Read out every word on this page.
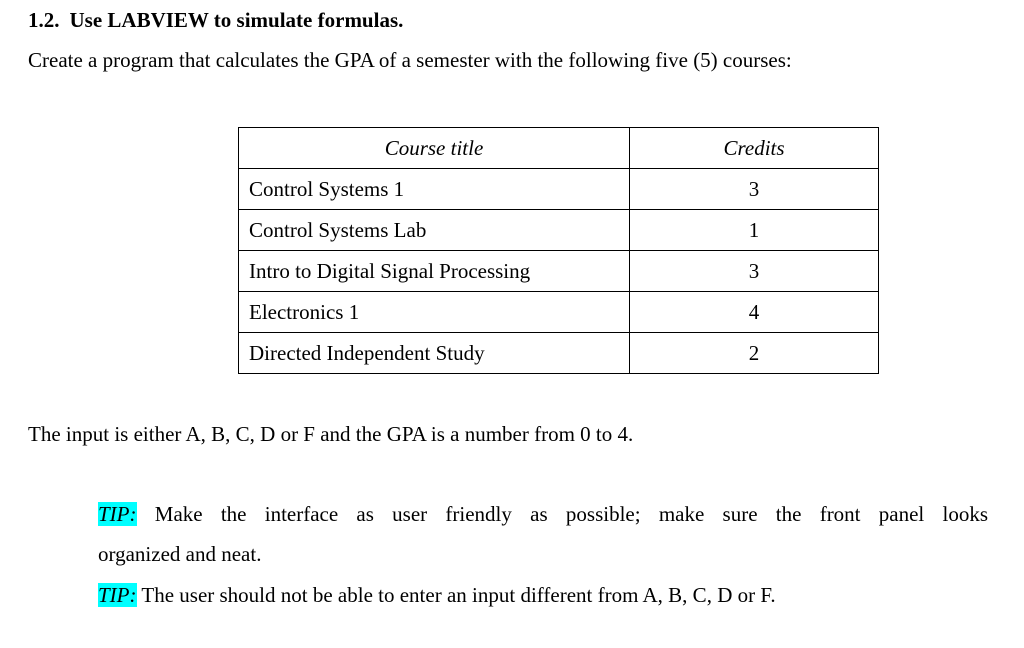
1.2. Use LABVIEW to simulate formulas.
Create a program that calculates the GPA of a semester with the following five (5) courses:
Course title	Credits
Control Systems 1	3
Control Systems Lab	1
Intro to Digital Signal Processing	3
Electronics 1	4
Directed Independent Study	2
The input is either A, B, C, D or F and the GPA is a number from 0 to 4.
TIP: Make the interface as user friendly as possible; make sure the front panel looks
organized and neat.
TIP: The user should not be able to enter an input different from A, B, C, D or F.
